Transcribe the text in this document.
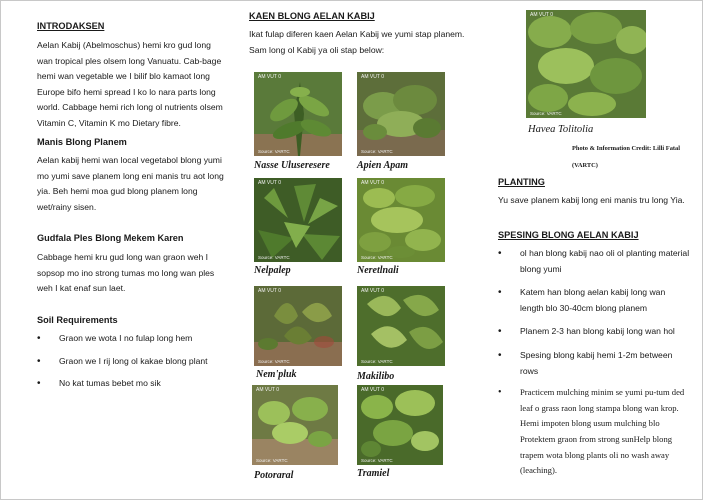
INTRODAKSEN
Aelan Kabij (Abelmoschus) hemi kro gud long wan tropical ples olsem long Vanuatu. Cab-bage hemi wan vegetable we I bilif blo kamaot long Europe bifo hemi spread I ko lo nara parts long world. Cabbage hemi rich long ol nutrients olsem Vitamin C, Vitamin K mo Dietary fibre.
Manis Blong Planem
Aelan kabij hemi wan local vegetabol blong yumi mo yumi save planem long eni manis tru aot long yia. Beh hemi moa gud blong planem long wet/rainy sisen.
Gudfala Ples Blong Mekem Karen
Cabbage hemi kru gud long wan graon weh I sopsop mo ino strong tumas mo long wan ples weh I kat enaf sun laet.
Soil Requirements
• Graon we wota I no fulap long hem
• Graon we I rij long ol kakae blong plant
• No kat tumas bebet mo sik
KAEN BLONG AELAN KABIJ
Ikat fulap diferen kaen Aelan Kabij we yumi stap planem. Sam long ol Kabij ya oli stap below:
AM VUT 0
Source: VARTC
Nasse Uluseresere
AM VUT 0
Source: VARTC
Apien Apam
AM VUT 0
Source: VARTC
Nelpalep
AM VUT 0
Source: VARTC
Neretlnali
AM VUT 0
Source: VARTC
Nem'pluk
AM VUT 0
Source: VARTC
Makilibo
AM VUT 0
Source: VARTC
Potoraral
AM VUT 0
Source: VARTC
Tramiel
AM VUT 0
Source: VARTC
Havea Tolitolia
Photo & Information Credit: Lilli Fatal
(VARTC)
PLANTING
Yu save planem kabij long eni manis tru long Yia.
SPESING BLONG AELAN KABIJ
• ol han blong kabij nao oli ol planting material blong yumi
• Katem han blong aelan kabij long wan length blo 30-40cm blong planem
• Planem 2-3 han blong kabij long wan hol
• Spesing blong kabij hemi 1-2m between rows
• Practicem mulching minim se yumi pu-tum ded leaf o grass raon long stampa blong wan krop. Hemi impoten blong usum mulching blo Protektem graon from strong sunHelp blong trapem wota blong plants oli no wash away (leaching).
